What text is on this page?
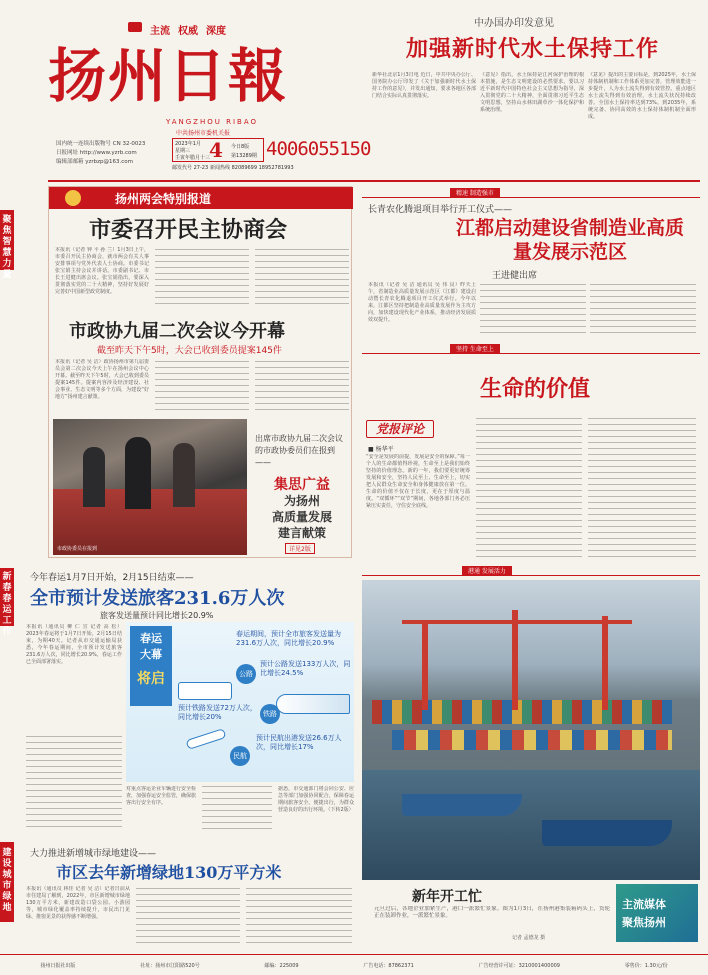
主流 权威 深度
扬州日報
YANGZHOU RIBAO
中共扬州市委机关报
国内统一连续出版物号 CN 32-0023
日报网址 http://www.yzrb.com
编辑部邮箱 yzrbzp@163.com
2023年1月
星期三
壬寅年腊月十三
4 今日8版
第13289期
邮发代号 27-23 新闻热线 82089699 18952781993
4006055150
中办国办印发意见
加强新时代水土保持工作
新华社北京1月3日电 近日，中共中央办公厅、国务院办公厅印发了《关于加强新时代水土保持工作的意见》，并发出通知，要求各地区各部门结合实际认真贯彻落实。
《意见》指出，水土保持是江河保护治理的根本措施，是生态文明建设的必然要求。要以习近平新时代中国特色社会主义思想为指导，深入贯彻党的二十大精神，全面贯彻习近平生态文明思想，坚持山水林田湖草沙一体化保护和系统治理。
《意见》提出的主要目标是，到2025年，水土保持体制机制和工作体系更加完善，管理效能进一步提升，人为水土流失得到有效管控。重点地区水土流失得到有效治理，水土流失状况持续改善。全国水土保持率达到73%。到2035年，系统完备、协同高效的水土保持体制机制全面形成。
聚焦 智慧力量
扬州两会特别报道
市委召开民主协商会
本报讯（记者 钟 平 孙 兰）1月3日上午，市委召开民主协商会，就市两会有关人事安排事项与党外代表人士协商。市委书记张宝娟主持会议并讲话。市委副书记、市长王进健出席会议。张宝娟指出，要深入贯彻落实党的二十大精神，坚持好发展好完善好中国新型政党制度。
市政协九届二次会议今开幕
截至昨天下午5时，大会已收到委员提案145件
本报讯（记者 吴 洁）政协扬州市第九届委员会第二次会议今天上午在扬州会议中心开幕。截至昨天下午5时，大会已收到委员提案145件。提案内容涉及经济建设、社会事业、生态文明等多个方面，为建设“好地方”扬州建言献策。
市政协委员在报到
出席市政协九届二次会议的市政协委员们在报到——
集思广益
为扬州
高质量发展
建言献策
详见2版
精速 制造强市
长青农化腾退项目举行开工仪式——
江都启动建设省制造业高质量发展示范区
王进健出席
本报讯（记者 吴 洁 通讯员 吴 伟 良）昨天上午，省制造业高质量发展示范区（江都）建设启动暨长青农化腾退项目开工仪式举行。今年以来，江都区坚持把制造业高质量发展作为主攻方向，加快建设现代化产业体系，推动经济发展质效双提升。
坚持 生命至上
生命的价值
党报评论
■ 杨华平
“安全是发展的前提，发展是安全的保障。”每一个人的生命都值得珍视，生命至上是我们始终坚持的价值理念。新的一年，我们要更好统筹发展和安全，坚持人民至上、生命至上，切实把人民群众生命安全和身体健康放在第一位。生命的价值不仅在于长度，更在于厚度与温度。“双循环”“双节”期间，各地各部门务必压紧压实责任，守住安全底线。
新春 春运工作
今年春运1月7日开始，2月15日结束——
全市预计发送旅客231.6万人次
旅客发送量预计同比增长20.9%
本报讯（通讯员 柳 仁 宣 记者 高 松）2023年春运将于1月7日开始，2月15日结束，为期40天。记者从市交通运输局获悉，今年春运期间，全市预计发送旅客231.6万人次，同比增长20.9%，春运工作已全面部署落实。
春运
大幕
将启
春运期间，预计全市旅客发送量为231.6万人次，同比增长20.9%
预计公路发送133万人次，同比增长24.5%
公路
预计铁路发送72万人次，同比增长20%	铁路
预计民航出港发送26.6万人次，同比增长17%
民航
对重点客运企业车辆进行安全检查，加强春运安全监管，确保旅客出行安全有序。
据悉，市交通部门将会同公安、应急等部门加强协同配合，保障春运期间旅客安全、便捷出行，为群众营造良好的出行环境。（下转2版）
港通 发展活力
新年开工忙
元旦过后，各地企业加紧生产，港口一派繁忙景象。图为1月3日，在扬州港集装箱码头上，货轮正在装卸作业，一派繁忙景象。
记者 孟德龙 摄
主流媒体
聚焦扬州
建设 城市绿地
大力推进新增城市绿地建设——
市区去年新增绿地130万平方米
本报讯（通讯员 林佳 记者 吴 洁）记者日前从市住建局了解到，2022年，市区新增城市绿地130万平方米，新建改造口袋公园、小游园等，城市绿化覆盖率持续提升，市民出门见绿、推窗见景的获得感不断增强。
扬州日报社出版	社址：扬州市江阳路520号	邮编：225009	广告电话：87862371	广告经营许可证：3210001400009	零售价：1.30元/份
